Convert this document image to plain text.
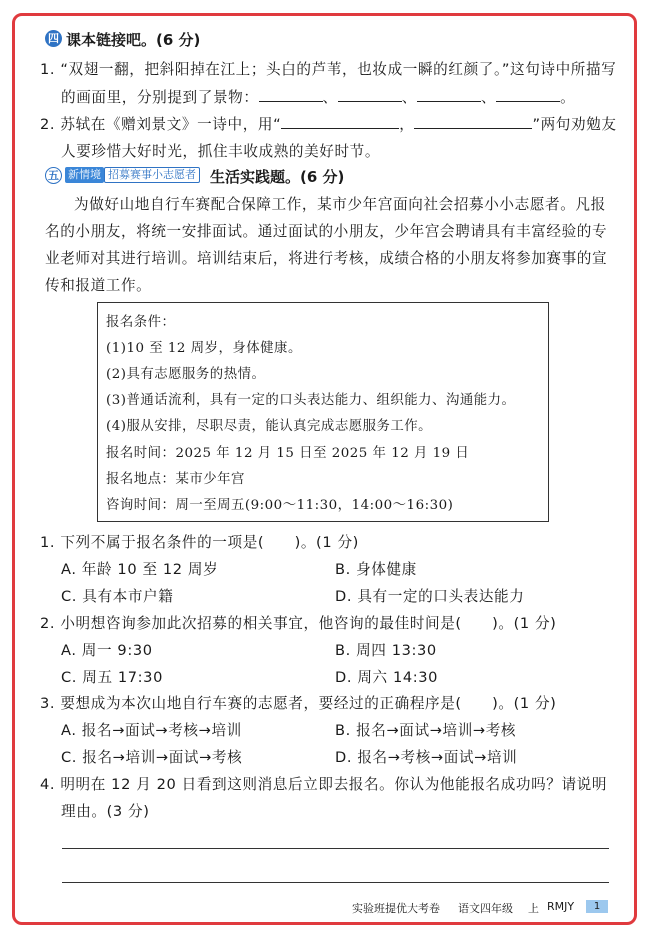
四 课本链接吧。(6 分)
1. “双翅一翻，把斜阳掉在江上；头白的芦苇，也妆成一瞬的红颜了。”这句诗中所描写
的画面里，分别提到了景物：	、	、	、	。
2. 苏轼在《赠刘景文》一诗中，用“	，	”两句劝勉友
人要珍惜大好时光，抓住丰收成熟的美好时节。
五 新情境 招募赛事小志愿者 生活实践题。(6 分)
为做好山地自行车赛配合保障工作，某市少年宫面向社会招募小小志愿者。凡报
名的小朋友，将统一安排面试。通过面试的小朋友，少年宫会聘请具有丰富经验的专
业老师对其进行培训。培训结束后，将进行考核，成绩合格的小朋友将参加赛事的宣
传和报道工作。
报名条件：
(1)10 至 12 周岁，身体健康。
(2)具有志愿服务的热情。
(3)普通话流利，具有一定的口头表达能力、组织能力、沟通能力。
(4)服从安排，尽职尽责，能认真完成志愿服务工作。
报名时间：2025 年 12 月 15 日至 2025 年 12 月 19 日
报名地点：某市少年宫
咨询时间：周一至周五(9:00～11:30，14:00～16:30)
1. 下列不属于报名条件的一项是(　　)。(1 分)
A. 年龄 10 至 12 周岁	B. 身体健康
C. 具有本市户籍	D. 具有一定的口头表达能力
2. 小明想咨询参加此次招募的相关事宜，他咨询的最佳时间是(　　)。(1 分)
A. 周一 9:30	B. 周四 13:30
C. 周五 17:30	D. 周六 14:30
3. 要想成为本次山地自行车赛的志愿者，要经过的正确程序是(　　)。(1 分)
A. 报名→面试→考核→培训	B. 报名→面试→培训→考核
C. 报名→培训→面试→考核	D. 报名→考核→面试→培训
4. 明明在 12 月 20 日看到这则消息后立即去报名。你认为他能报名成功吗？请说明
理由。(3 分)
实验班提优大考卷 语文四年级 上 RMJY	1
